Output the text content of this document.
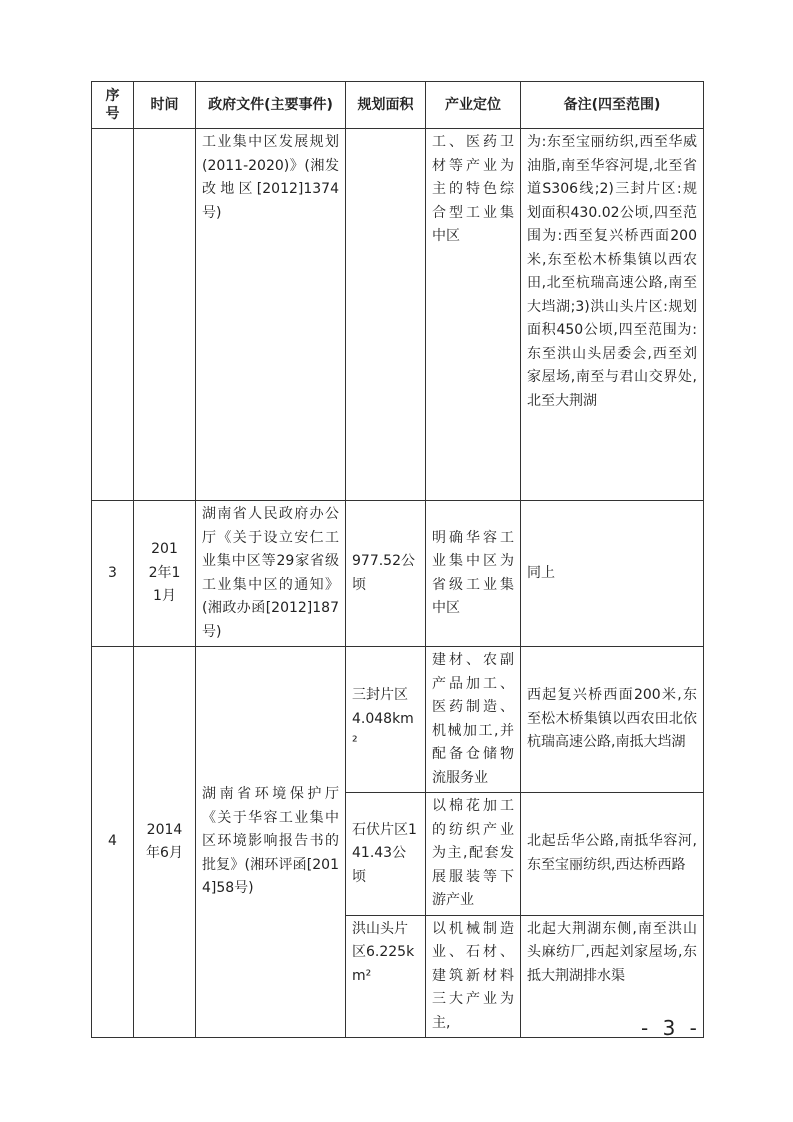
序号	时间	政府文件(主要事件)	规划面积	产业定位	备注(四至范围)
		工业集中区发展规划(2011-2020)》(湘发改地区[2012]1374号)		工、医药卫材等产业为主的特色综合型工业集中区	为:东至宝丽纺织,西至华威油脂,南至华容河堤,北至省道S306线;2)三封片区:规划面积430.02公顷,四至范围为:西至复兴桥西面200米,东至松木桥集镇以西农田,北至杭瑞高速公路,南至大垱湖;3)洪山头片区:规划面积450公顷,四至范围为:东至洪山头居委会,西至刘家屋场,南至与君山交界处,北至大荆湖
3	2012年11月	湖南省人民政府办公厅《关于设立安仁工业集中区等29家省级工业集中区的通知》(湘政办函[2012]187号)	977.52公顷	明确华容工业集中区为省级工业集中区	同上
4	2014年6月	湖南省环境保护厅《关于华容工业集中区环境影响报告书的批复》(湘环评函[2014]58号)	三封片区4.048km²	建材、农副产品加工、医药制造、机械加工,并配备仓储物流服务业	西起复兴桥西面200米,东至松木桥集镇以西农田北依杭瑞高速公路,南抵大垱湖
			石伏片区141.43公顷	以棉花加工的纺织产业为主,配套发展服装等下游产业	北起岳华公路,南抵华容河,东至宝丽纺织,西达桥西路
			洪山头片区6.225km²	以机械制造业、石材、建筑新材料三大产业为主,	北起大荆湖东侧,南至洪山头麻纺厂,西起刘家屋场,东抵大荆湖排水渠
- 3 -
